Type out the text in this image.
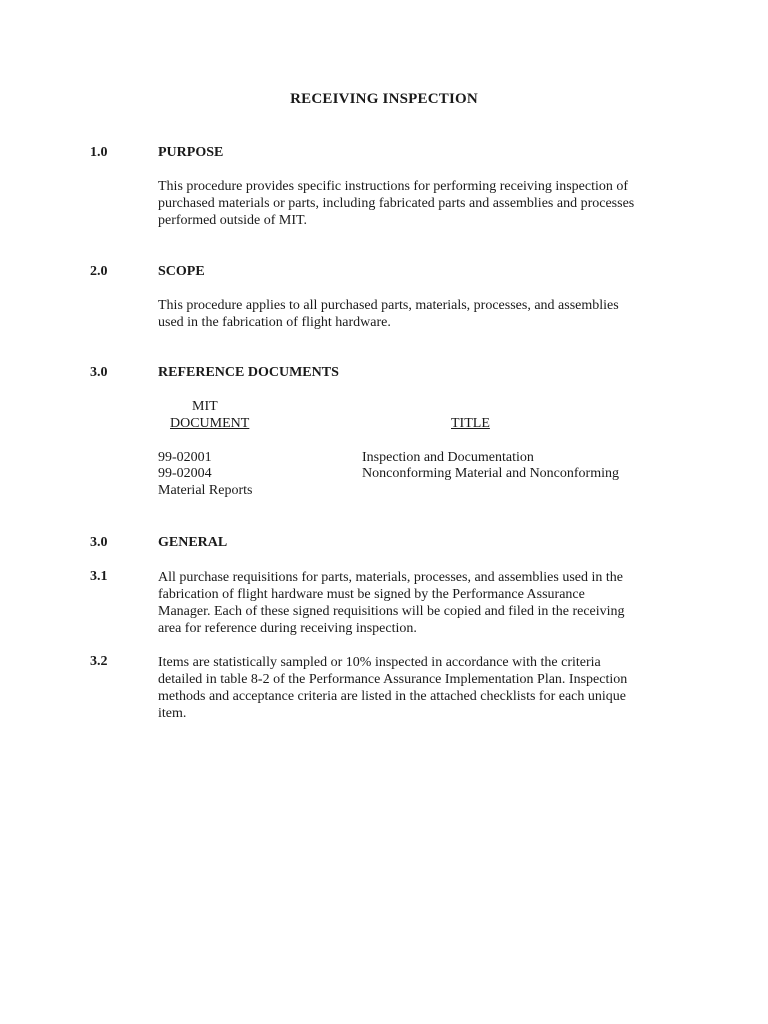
RECEIVING INSPECTION
1.0	PURPOSE
This procedure provides specific instructions for performing receiving inspection of
purchased materials or parts, including fabricated parts and assemblies and processes
performed outside of MIT.
2.0	SCOPE
This procedure applies to all purchased parts, materials, processes, and assemblies
used in the fabrication of flight hardware.
3.0	REFERENCE DOCUMENTS
MIT
DOCUMENT	TITLE
99-02001	Inspection and Documentation
99-02004	Nonconforming Material and Nonconforming
Material Reports
3.0	GENERAL
3.1	All purchase requisitions for parts, materials, processes, and assemblies used in the
fabrication of flight hardware must be signed by the Performance Assurance
Manager. Each of these signed requisitions will be copied and filed in the receiving
area for reference during receiving inspection.
3.2	Items are statistically sampled or 10% inspected in accordance with the criteria
detailed in table 8-2 of the Performance Assurance Implementation Plan. Inspection
methods and acceptance criteria are listed in the attached checklists for each unique
item.
